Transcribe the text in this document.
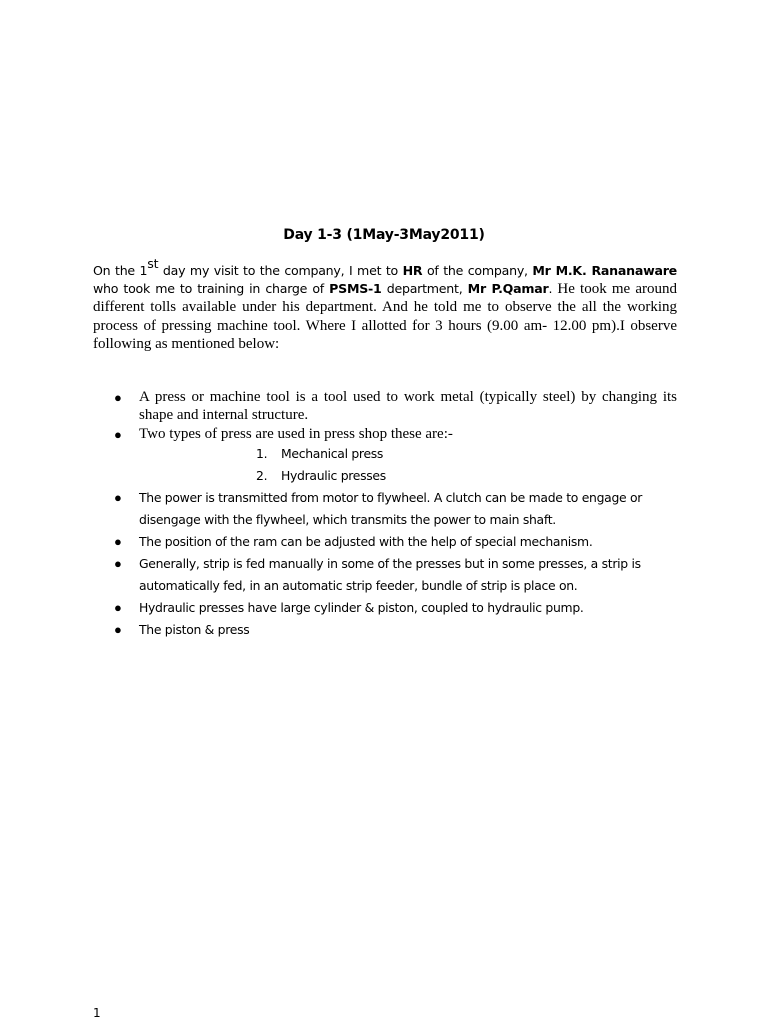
Day 1-3 (1May-3May2011)
On the 1st day my visit to the company, I met to HR of the company, Mr M.K. Rananaware who took me to training in charge of PSMS-1 department, Mr P.Qamar. He took me around different tolls available under his department. And he told me to observe the all the working process of pressing machine tool. Where I allotted for 3 hours (9.00 am- 12.00 pm).I observe following as mentioned below:
● A press or machine tool is a tool used to work metal (typically steel) by changing its shape and internal structure.
● Two types of press are used in press shop these are:-
1. Mechanical press
2. Hydraulic presses
● The power is transmitted from motor to flywheel. A clutch can be made to engage or disengage with the flywheel, which transmits the power to main shaft.
● The position of the ram can be adjusted with the help of special mechanism.
● Generally, strip is fed manually in some of the presses but in some presses, a strip is automatically fed, in an automatic strip feeder, bundle of strip is place on.
● Hydraulic presses have large cylinder & piston, coupled to hydraulic pump.
● The piston & press
1
